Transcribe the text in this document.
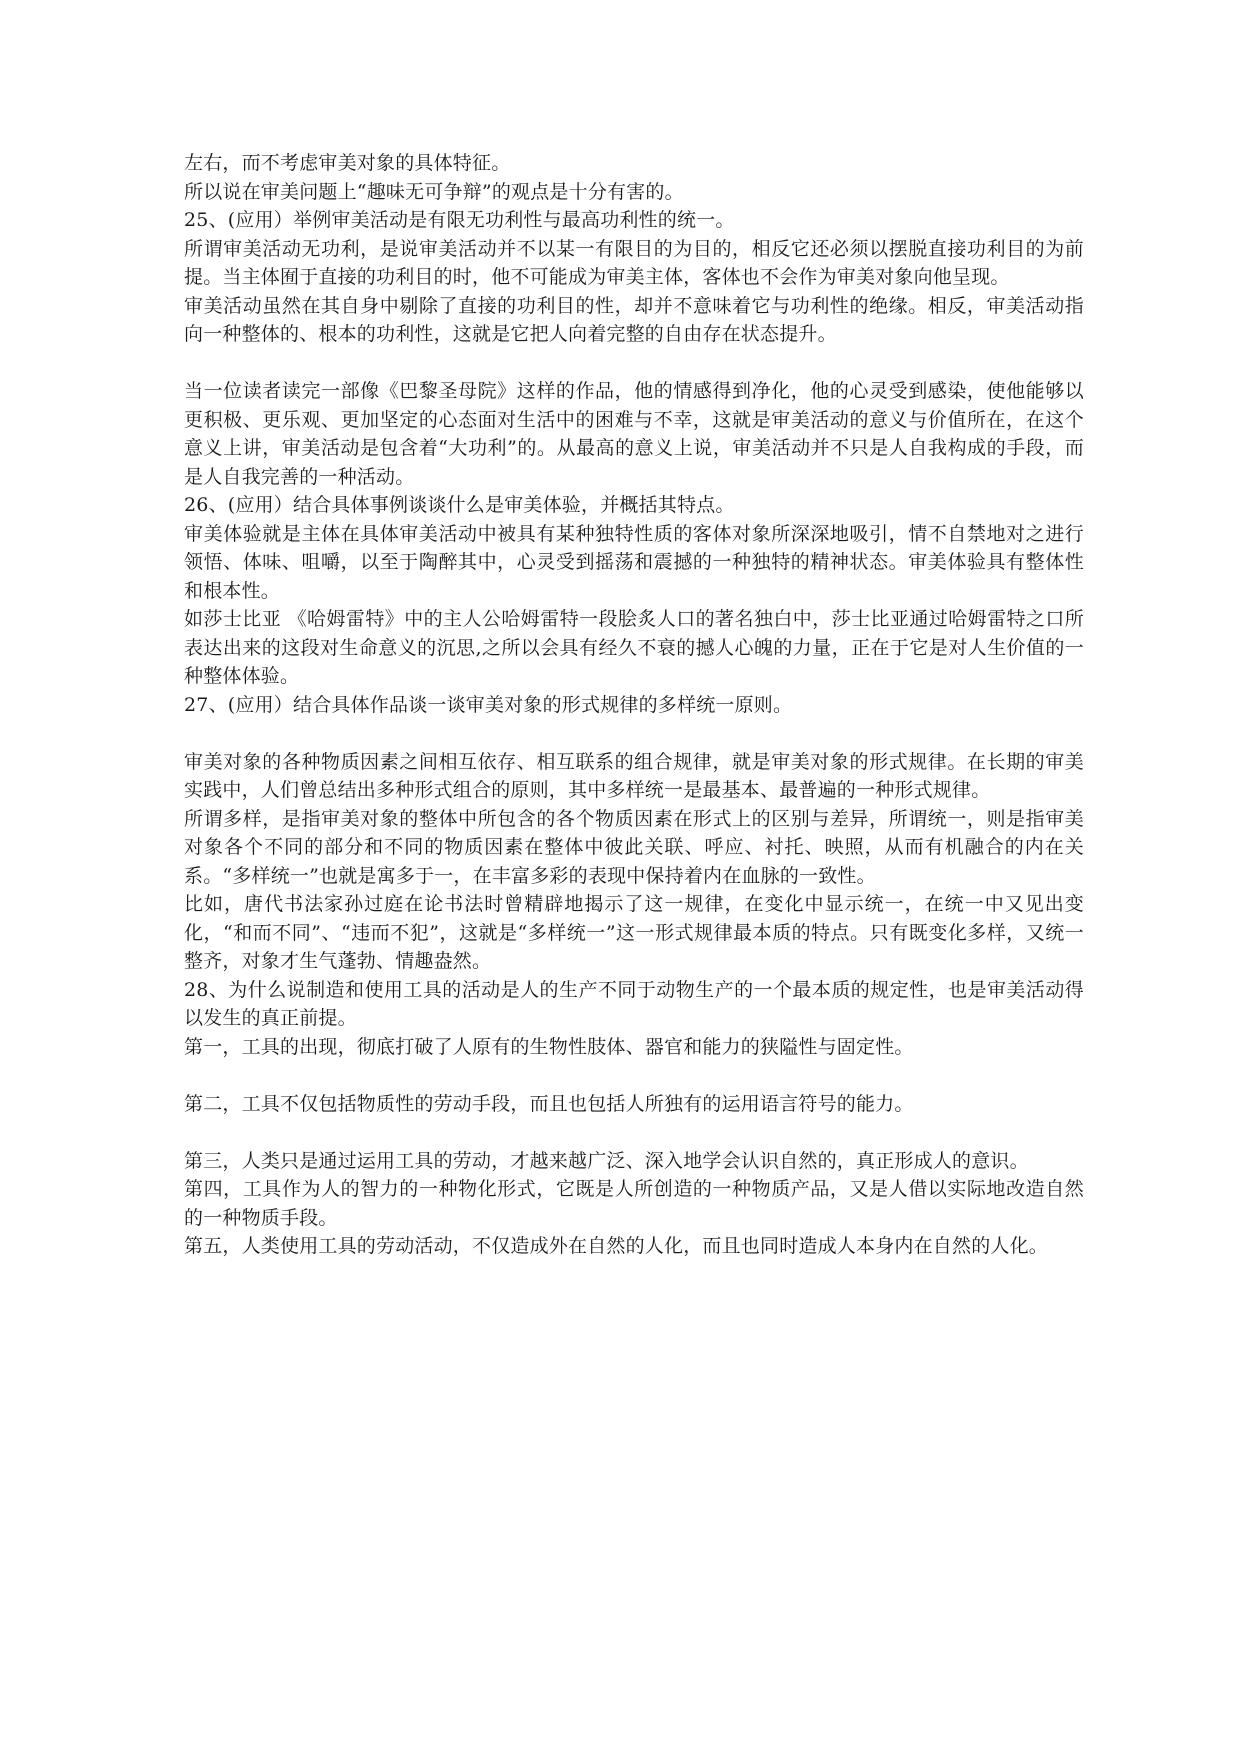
左右，而不考虑审美对象的具体特征。

所以说在审美问题上“趣味无可争辩”的观点是十分有害的。

25、(应用）举例审美活动是有限无功利性与最高功利性的统一。

所谓审美活动无功利，是说审美活动并不以某一有限目的为目的，相反它还必须以摆脱直接功利目的为前提。当主体囿于直接的功利目的时，他不可能成为审美主体，客体也不会作为审美对象向他呈现。

审美活动虽然在其自身中剔除了直接的功利目的性，却并不意味着它与功利性的绝缘。相反，审美活动指向一种整体的、根本的功利性，这就是它把人向着完整的自由存在状态提升。

当一位读者读完一部像《巴黎圣母院》这样的作品，他的情感得到净化，他的心灵受到感染，使他能够以更积极、更乐观、更加坚定的心态面对生活中的困难与不幸，这就是审美活动的意义与价值所在，在这个意义上讲，审美活动是包含着“大功利”的。从最高的意义上说，审美活动并不只是人自我构成的手段，而是人自我完善的一种活动。

26、(应用）结合具体事例谈谈什么是审美体验，并概括其特点。

审美体验就是主体在具体审美活动中被具有某种独特性质的客体对象所深深地吸引，情不自禁地对之进行领悟、体味、咀嚼，以至于陶醉其中，心灵受到摇荡和震撼的一种独特的精神状态。审美体验具有整体性和根本性。

如莎士比亚 《哈姆雷特》中的主人公哈姆雷特一段脍炙人口的著名独白中，莎士比亚通过哈姆雷特之口所表达出来的这段对生命意义的沉思,之所以会具有经久不衰的撼人心魄的力量，正在于它是对人生价值的一种整体体验。

27、(应用）结合具体作品谈一谈审美对象的形式规律的多样统一原则。

审美对象的各种物质因素之间相互依存、相互联系的组合规律，就是审美对象的形式规律。在长期的审美实践中，人们曾总结出多种形式组合的原则，其中多样统一是最基本、最普遍的一种形式规律。

所谓多样，是指审美对象的整体中所包含的各个物质因素在形式上的区别与差异，所谓统一，则是指审美对象各个不同的部分和不同的物质因素在整体中彼此关联、呼应、衬托、映照，从而有机融合的内在关系。“多样统一”也就是寓多于一，在丰富多彩的表现中保持着内在血脉的一致性。

比如，唐代书法家孙过庭在论书法时曾精辟地揭示了这一规律，在变化中显示统一，在统一中又见出变化，“和而不同”、“违而不犯”，这就是“多样统一”这一形式规律最本质的特点。只有既变化多样，又统一整齐，对象才生气蓬勃、情趣盎然。

28、为什么说制造和使用工具的活动是人的生产不同于动物生产的一个最本质的规定性，也是审美活动得以发生的真正前提。

第一，工具的出现，彻底打破了人原有的生物性肢体、器官和能力的狭隘性与固定性。

第二，工具不仅包括物质性的劳动手段，而且也包括人所独有的运用语言符号的能力。

第三，人类只是通过运用工具的劳动，才越来越广泛、深入地学会认识自然的，真正形成人的意识。

第四，工具作为人的智力的一种物化形式，它既是人所创造的一种物质产品，又是人借以实际地改造自然的一种物质手段。

第五，人类使用工具的劳动活动，不仅造成外在自然的人化，而且也同时造成人本身内在自然的人化。
